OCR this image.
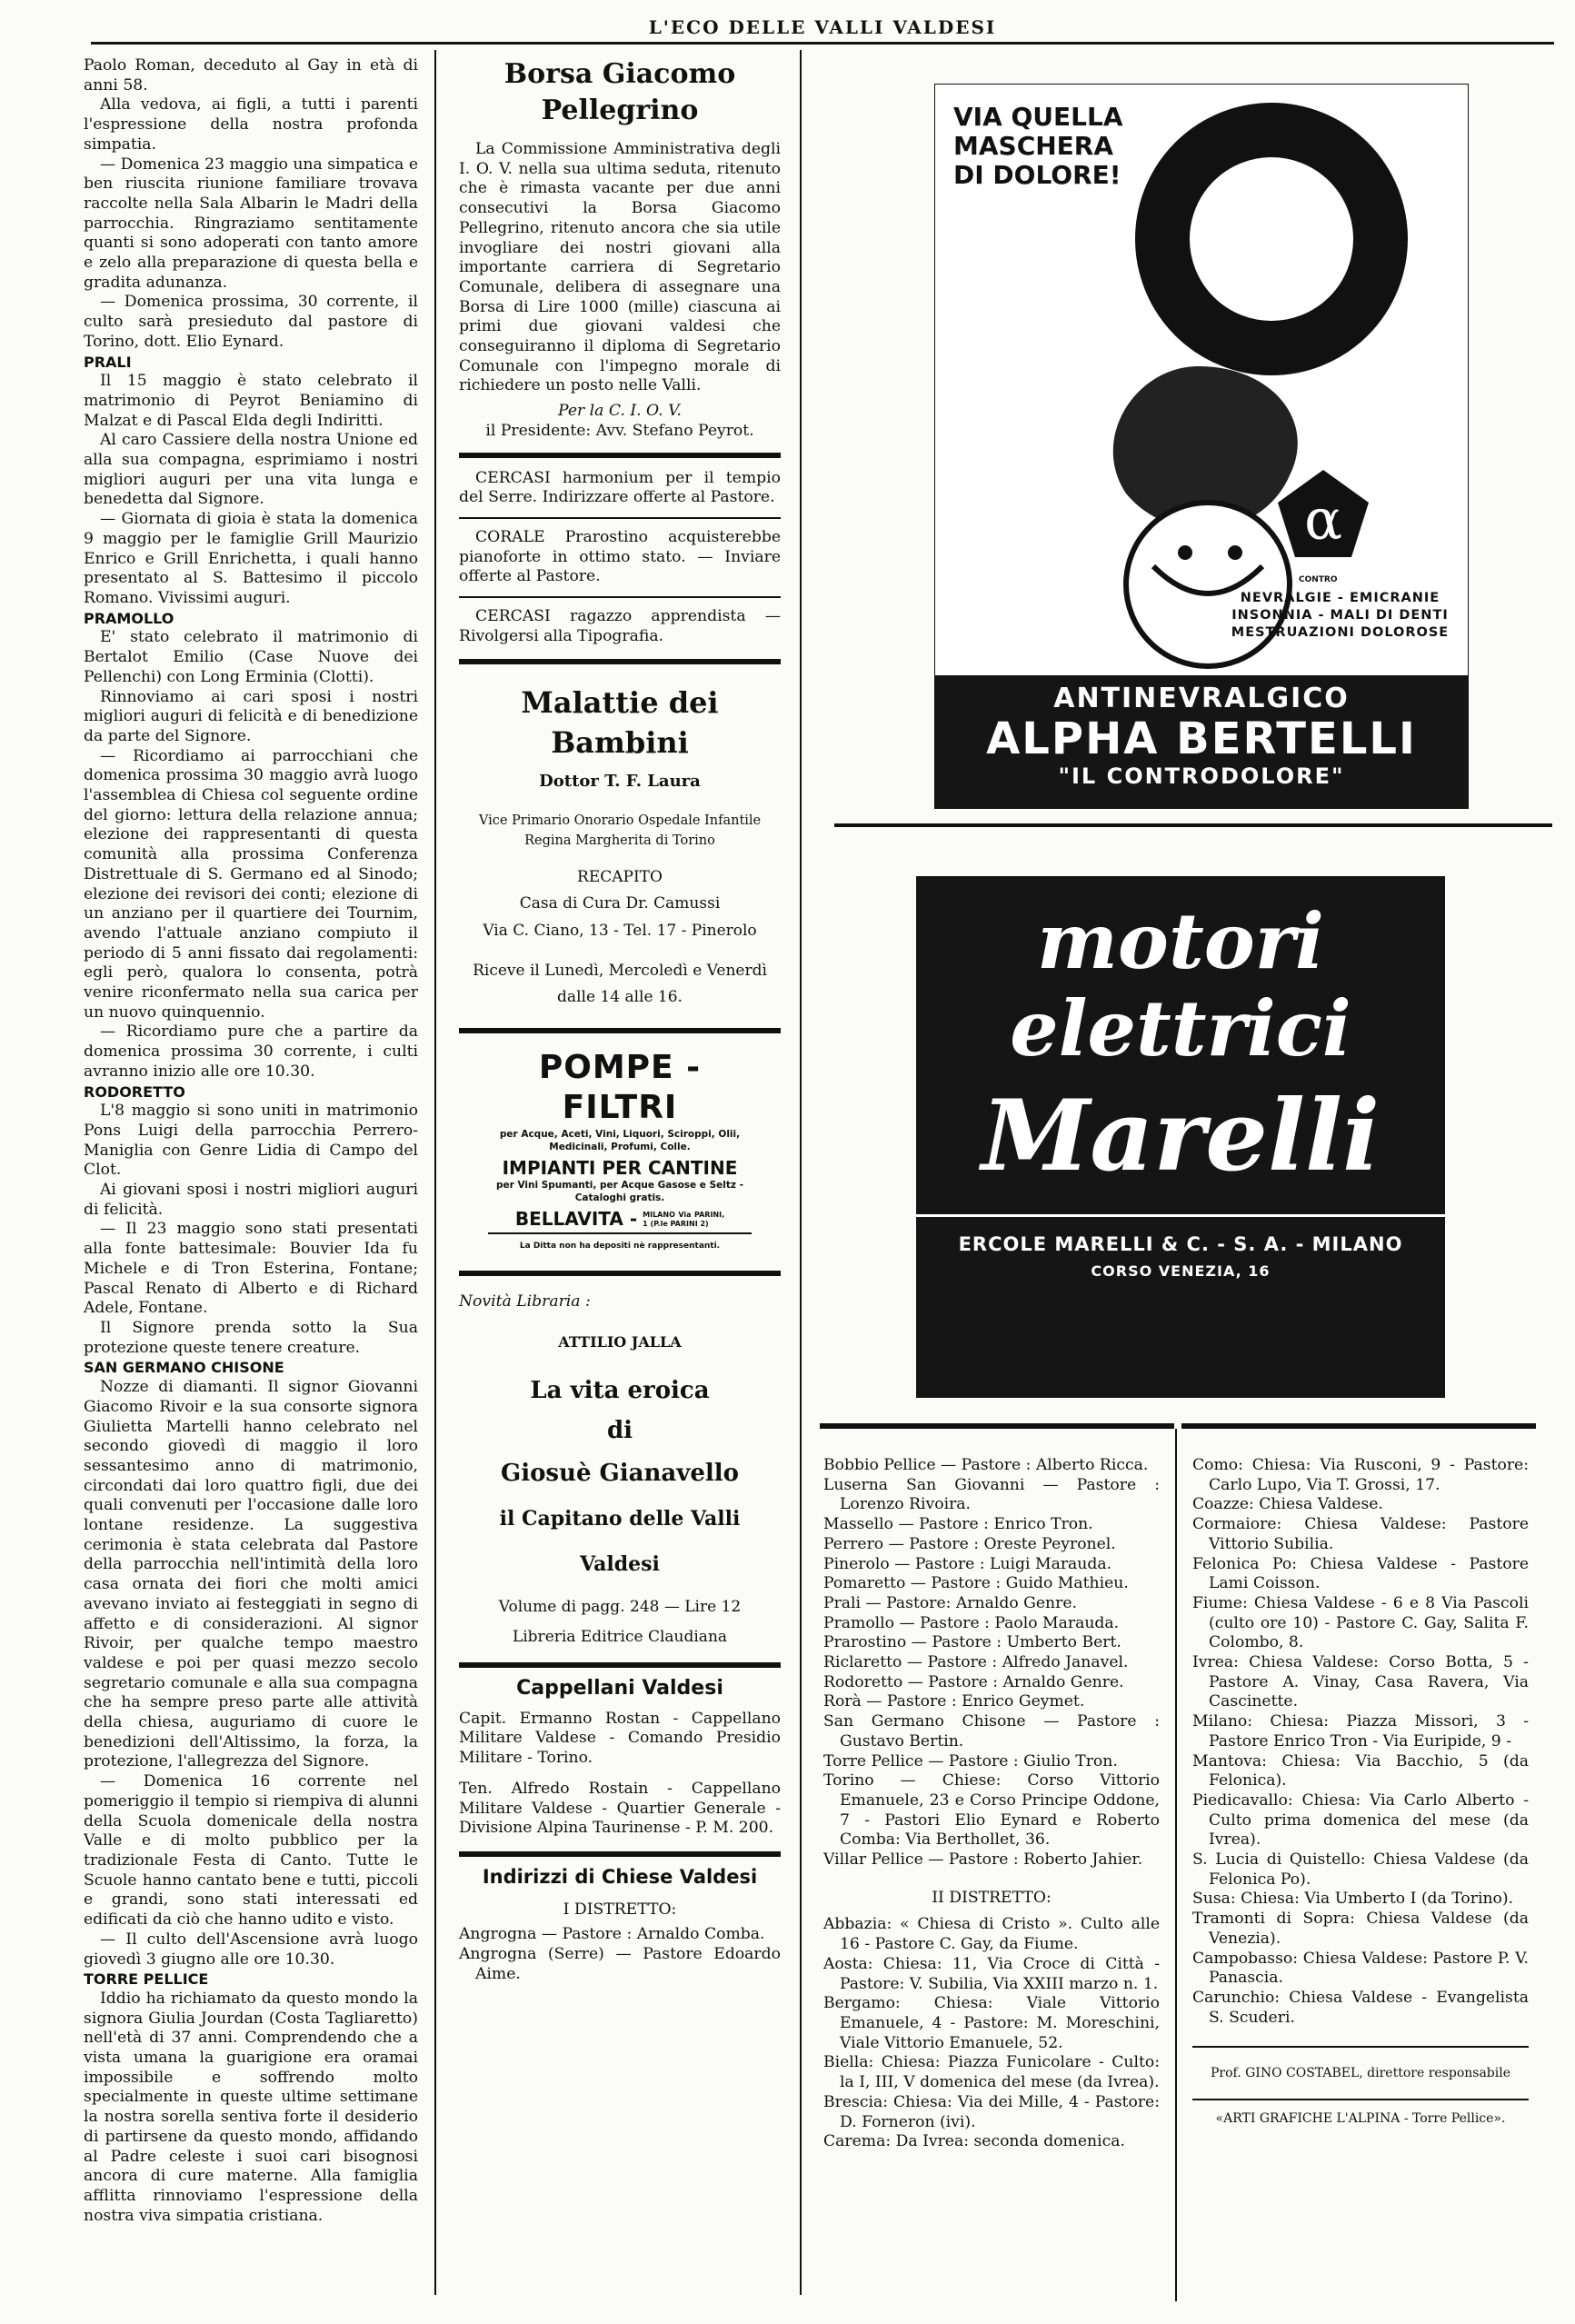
L'ECO DELLE VALLI VALDESI

Paolo Roman, deceduto al Gay in età di anni 58.

Alla vedova, ai figli, a tutti i parenti l'espressione della nostra profonda simpatia.

— Domenica 23 maggio una simpatica e ben riuscita riunione familiare trovava raccolte nella Sala Albarin le Madri della parrocchia. Ringraziamo sentitamente quanti si sono adoperati con tanto amore e zelo alla preparazione di questa bella e gradita adunanza.

— Domenica prossima, 30 corrente, il culto sarà presieduto dal pastore di Torino, dott. Elio Eynard.

PRALI

Il 15 maggio è stato celebrato il matrimonio di Peyrot Beniamino di Malzat e di Pascal Elda degli Indiritti.

Al caro Cassiere della nostra Unione ed alla sua compagna, esprimiamo i nostri migliori auguri per una vita lunga e benedetta dal Signore.

— Giornata di gioia è stata la domenica 9 maggio per le famiglie Grill Maurizio Enrico e Grill Enrichetta, i quali hanno presentato al S. Battesimo il piccolo Romano. Vivissimi auguri.

PRAMOLLO

E' stato celebrato il matrimonio di Bertalot Emilio (Case Nuove dei Pellenchi) con Long Erminia (Clotti).

Rinnoviamo ai cari sposi i nostri migliori auguri di felicità e di benedizione da parte del Signore.

— Ricordiamo ai parrocchiani che domenica prossima 30 maggio avrà luogo l'assemblea di Chiesa col seguente ordine del giorno: lettura della relazione annua; elezione dei rappresentanti di questa comunità alla prossima Conferenza Distrettuale di S. Germano ed al Sinodo; elezione dei revisori dei conti; elezione di un anziano per il quartiere dei Tournim, avendo l'attuale anziano compiuto il periodo di 5 anni fissato dai regolamenti: egli però, qualora lo consenta, potrà venire riconfermato nella sua carica per un nuovo quinquennio.

— Ricordiamo pure che a partire da domenica prossima 30 corrente, i culti avranno inizio alle ore 10.30.

RODORETTO

L'8 maggio si sono uniti in matrimonio Pons Luigi della parrocchia Perrero-Maniglia con Genre Lidia di Campo del Clot.

Ai giovani sposi i nostri migliori auguri di felicità.

— Il 23 maggio sono stati presentati alla fonte battesimale: Bouvier Ida fu Michele e di Tron Esterina, Fontane; Pascal Renato di Alberto e di Richard Adele, Fontane.

Il Signore prenda sotto la Sua protezione queste tenere creature.

SAN GERMANO CHISONE

Nozze di diamanti. Il signor Giovanni Giacomo Rivoir e la sua consorte signora Giulietta Martelli hanno celebrato nel secondo giovedì di maggio il loro sessantesimo anno di matrimonio, circondati dai loro quattro figli, due dei quali convenuti per l'occasione dalle loro lontane residenze. La suggestiva cerimonia è stata celebrata dal Pastore della parrocchia nell'intimità della loro casa ornata dei fiori che molti amici avevano inviato ai festeggiati in segno di affetto e di considerazioni. Al signor Rivoir, per qualche tempo maestro valdese e poi per quasi mezzo secolo segretario comunale e alla sua compagna che ha sempre preso parte alle attività della chiesa, auguriamo di cuore le benedizioni dell'Altissimo, la forza, la protezione, l'allegrezza del Signore.

— Domenica 16 corrente nel pomeriggio il tempio si riempiva di alunni della Scuola domenicale della nostra Valle e di molto pubblico per la tradizionale Festa di Canto. Tutte le Scuole hanno cantato bene e tutti, piccoli e grandi, sono stati interessati ed edificati da ciò che hanno udito e visto.

— Il culto dell'Ascensione avrà luogo giovedì 3 giugno alle ore 10.30.

TORRE PELLICE

Iddio ha richiamato da questo mondo la signora Giulia Jourdan (Costa Tagliaretto) nell'età di 37 anni. Comprendendo che a vista umana la guarigione era oramai impossibile e soffrendo molto specialmente in queste ultime settimane la nostra sorella sentiva forte il desiderio di partirsene da questo mondo, affidando al Padre celeste i suoi cari bisognosi ancora di cure materne. Alla famiglia afflitta rinnoviamo l'espressione della nostra viva simpatia cristiana.

Borsa Giacomo Pellegrino

La Commissione Amministrativa degli I. O. V. nella sua ultima seduta, ritenuto che è rimasta vacante per due anni consecutivi la Borsa Giacomo Pellegrino, ritenuto ancora che sia utile invogliare dei nostri giovani alla importante carriera di Segretario Comunale, delibera di assegnare una Borsa di Lire 1000 (mille) ciascuna ai primi due giovani valdesi che conseguiranno il diploma di Segretario Comunale con l'impegno morale di richiedere un posto nelle Valli.

Per la C. I. O. V.

il Presidente: Avv. Stefano Peyrot.

CERCASI harmonium per il tempio del Serre. Indirizzare offerte al Pastore.

CORALE Prarostino acquisterebbe pianoforte in ottimo stato. — Inviare offerte al Pastore.

CERCASI ragazzo apprendista — Rivolgersi alla Tipografia.

Malattie dei Bambini
Dottor T. F. Laura
Vice Primario Onorario Ospedale Infantile
Regina Margherita di Torino
RECAPITO
Casa di Cura Dr. Camussi
Via C. Ciano, 13 - Tel. 17 - Pinerolo
Riceve il Lunedì, Mercoledì e Venerdì
dalle 14 alle 16.
POMPE - FILTRI
per Acque, Aceti, Vini, Liquori, Sciroppi, Olii, Medicinali, Profumi, Colle.
IMPIANTI PER CANTINE
per Vini Spumanti, per Acque Gasose e Seltz - Cataloghi gratis.
BELLAVITA - MILANO Via PARINI, 1 (P.le PARINI 2)
La Ditta non ha depositi nè rappresentanti.

Novità Libraria :

ATTILIO JALLA
La vita eroica
di
Giosuè Gianavello
il Capitano delle Valli Valdesi
Volume di pagg. 248 — Lire 12
Libreria Editrice Claudiana
Cappellani Valdesi

Capit. Ermanno Rostan - Cappellano Militare Valdese - Comando Presidio Militare - Torino.

Ten. Alfredo Rostain - Cappellano Militare Valdese - Quartier Generale - Divisione Alpina Taurinense - P. M. 200.

Indirizzi di Chiese Valdesi
I DISTRETTO:

Angrogna — Pastore : Arnaldo Comba.

Angrogna (Serre) — Pastore Edoardo Aime.

VIA QUELLA MASCHERA DI DOLORE!
α
CONTRO
NEVRALGIE - EMICRANIE INSONNIA - MALI DI DENTI MESTRUAZIONI DOLOROSE
ANTINEVRALGICO
ALPHA BERTELLI
"IL CONTRODOLORE"
motori
elettrici
Marelli
ERCOLE MARELLI & C. - S. A. - MILANO
CORSO VENEZIA, 16

Bobbio Pellice — Pastore : Alberto Ricca.

Luserna San Giovanni — Pastore : Lorenzo Rivoira.

Massello — Pastore : Enrico Tron.

Perrero — Pastore : Oreste Peyronel.

Pinerolo — Pastore : Luigi Marauda.

Pomaretto — Pastore : Guido Mathieu.

Prali — Pastore: Arnaldo Genre.

Pramollo — Pastore : Paolo Marauda.

Prarostino — Pastore : Umberto Bert.

Riclaretto — Pastore : Alfredo Janavel.

Rodoretto — Pastore : Arnaldo Genre.

Rorà — Pastore : Enrico Geymet.

San Germano Chisone — Pastore : Gustavo Bertin.

Torre Pellice — Pastore : Giulio Tron.

Torino — Chiese: Corso Vittorio Emanuele, 23 e Corso Principe Oddone, 7 - Pastori Elio Eynard e Roberto Comba: Via Berthollet, 36.

Villar Pellice — Pastore : Roberto Jahier.

II DISTRETTO:

Abbazia: « Chiesa di Cristo ». Culto alle 16 - Pastore C. Gay, da Fiume.

Aosta: Chiesa: 11, Via Croce di Città - Pastore: V. Subilia, Via XXIII marzo n. 1.

Bergamo: Chiesa: Viale Vittorio Emanuele, 4 - Pastore: M. Moreschini, Viale Vittorio Emanuele, 52.

Biella: Chiesa: Piazza Funicolare - Culto: la I, III, V domenica del mese (da Ivrea).

Brescia: Chiesa: Via dei Mille, 4 - Pastore: D. Forneron (ivi).

Carema: Da Ivrea: seconda domenica.

Como: Chiesa: Via Rusconi, 9 - Pastore: Carlo Lupo, Via T. Grossi, 17.

Coazze: Chiesa Valdese.

Cormaiore: Chiesa Valdese: Pastore Vittorio Subilia.

Felonica Po: Chiesa Valdese - Pastore Lami Coisson.

Fiume: Chiesa Valdese - 6 e 8 Via Pascoli (culto ore 10) - Pastore C. Gay, Salita F. Colombo, 8.

Ivrea: Chiesa Valdese: Corso Botta, 5 - Pastore A. Vinay, Casa Ravera, Via Cascinette.

Milano: Chiesa: Piazza Missori, 3 - Pastore Enrico Tron - Via Euripide, 9 -

Mantova: Chiesa: Via Bacchio, 5 (da Felonica).

Piedicavallo: Chiesa: Via Carlo Alberto - Culto prima domenica del mese (da Ivrea).

S. Lucia di Quistello: Chiesa Valdese (da Felonica Po).

Susa: Chiesa: Via Umberto I (da Torino).

Tramonti di Sopra: Chiesa Valdese (da Venezia).

Campobasso: Chiesa Valdese: Pastore P. V. Panascia.

Carunchio: Chiesa Valdese - Evangelista S. Scuderi.

Prof. GINO COSTABEL, direttore responsabile
«ARTI GRAFICHE L'ALPINA - Torre Pellice».
